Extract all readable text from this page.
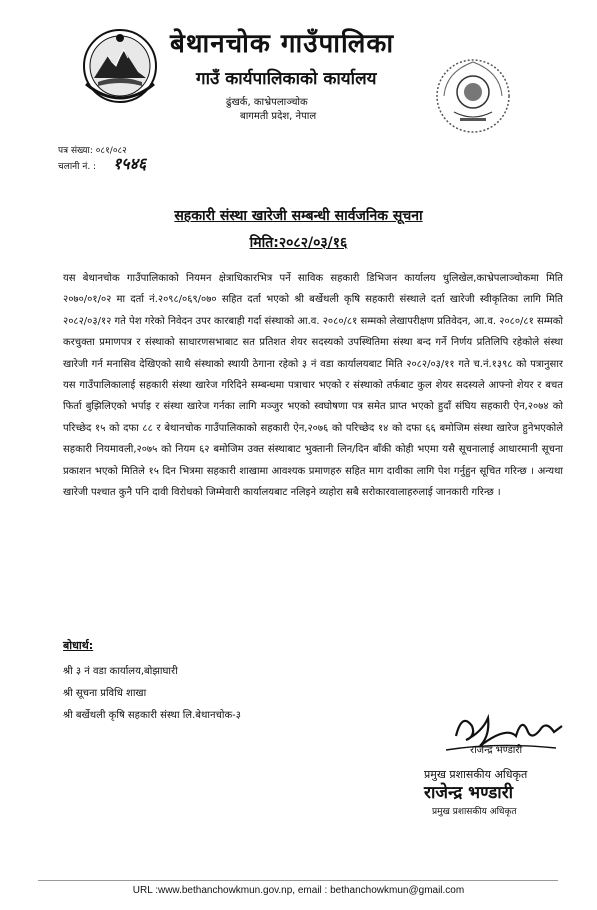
बेथानचोक गाउँपालिका
गाउँ कार्यपालिकाको कार्यालय
ढुंखर्क, काभ्रेपलाञ्चोक
बागमती प्रदेश, नेपाल
पत्र संख्या: ०८१/०८२
चलानी नं. : १५४६
सहकारी संस्था खारेजी सम्बन्धी सार्वजनिक सूचना
मिति:२०८२/०३/१६
यस बेथानचोक गाउँपालिकाको नियमन क्षेत्राधिकारभित्र पर्ने साविक सहकारी डिभिजन कार्यालय धुलिखेल,काभ्रेपलाञ्चोकमा मिति २०७०/०१/०२ मा दर्ता नं.२०९८/०६९/०७० सहित दर्ता भएको श्री बर्खेथली कृषि सहकारी संस्थाले दर्ता खारेजी स्वीकृतिका लागि मिति २०८२/०३/१२ गते पेश गरेको निवेदन उपर कारबाही गर्दा संस्थाको आ.व. २०८०/८१ सम्मको लेखापरीक्षण प्रतिवेदन, आ.व. २०८०/८१ सम्मको करचुक्ता प्रमाणपत्र र संस्थाको साधारणसभाबाट सत प्रतिशत शेयर सदस्यको उपस्थितिमा संस्था बन्द गर्ने निर्णय प्रतिलिपि रहेकोले संस्था खारेजी गर्न मनासिव देखिएको साथै संस्थाको स्थायी ठेगाना रहेको ३ नं वडा कार्यालयबाट मिति २०८२/०३/११ गते च.नं.१३९८ को पत्रानुसार यस गाउँपालिकालाई सहकारी संस्था खारेज गरिदिने सम्बन्धमा पत्राचार भएको र संस्थाको तर्फबाट कुल शेयर सदस्यले आफ्नो शेयर र बचत फिर्ता बुझिलिएको भर्पाइ र संस्था खारेज गर्नका लागि मञ्जुर भएको स्वघोषणा पत्र समेत प्राप्त भएको हुदाँ संघिय सहकारी ऐन,२०७४ को परिच्छेद १५ को दफा ८८ र बेथानचोक गाउँपालिकाको सहकारी ऐन,२०७६ को परिच्छेद १४ को दफा ६६ बमोजिम संस्था खारेज हुनेभएकोले सहकारी नियमावली,२०७५ को नियम ६२ बमोजिम उक्त संस्थाबाट भुक्तानी लिन/दिन बाँकी कोही भएमा यसै सूचनालाई आधारमानी सूचना प्रकाशन भएको मितिले १५ दिन भित्रमा सहकारी शाखामा आवश्यक प्रमाणहरु सहित माग दावीका लागि पेश गर्नुहुन सूचित गरिन्छ । अन्यथा खारेजी पश्चात कुनै पनि दावी विरोधको जिम्मेवारी कार्यालयबाट नलिइने व्यहोरा सबै सरोकारवालाहरुलाई जानकारी गरिन्छ ।
बोधार्थ:
श्री ३ नं वडा कार्यालय,बोझाघारी
श्री सूचना प्रविधि शाखा
श्री बर्खेथली कृषि सहकारी संस्था लि.बेथानचोक-३
राजेन्द्र भण्डारी
प्रमुख प्रशासकीय अधिकृत
राजेन्द्र भण्डारी
प्रमुख प्रशासकीय अधिकृत
URL :www.bethanchowkmun.gov.np, email : bethanchowkmun@gmail.com
